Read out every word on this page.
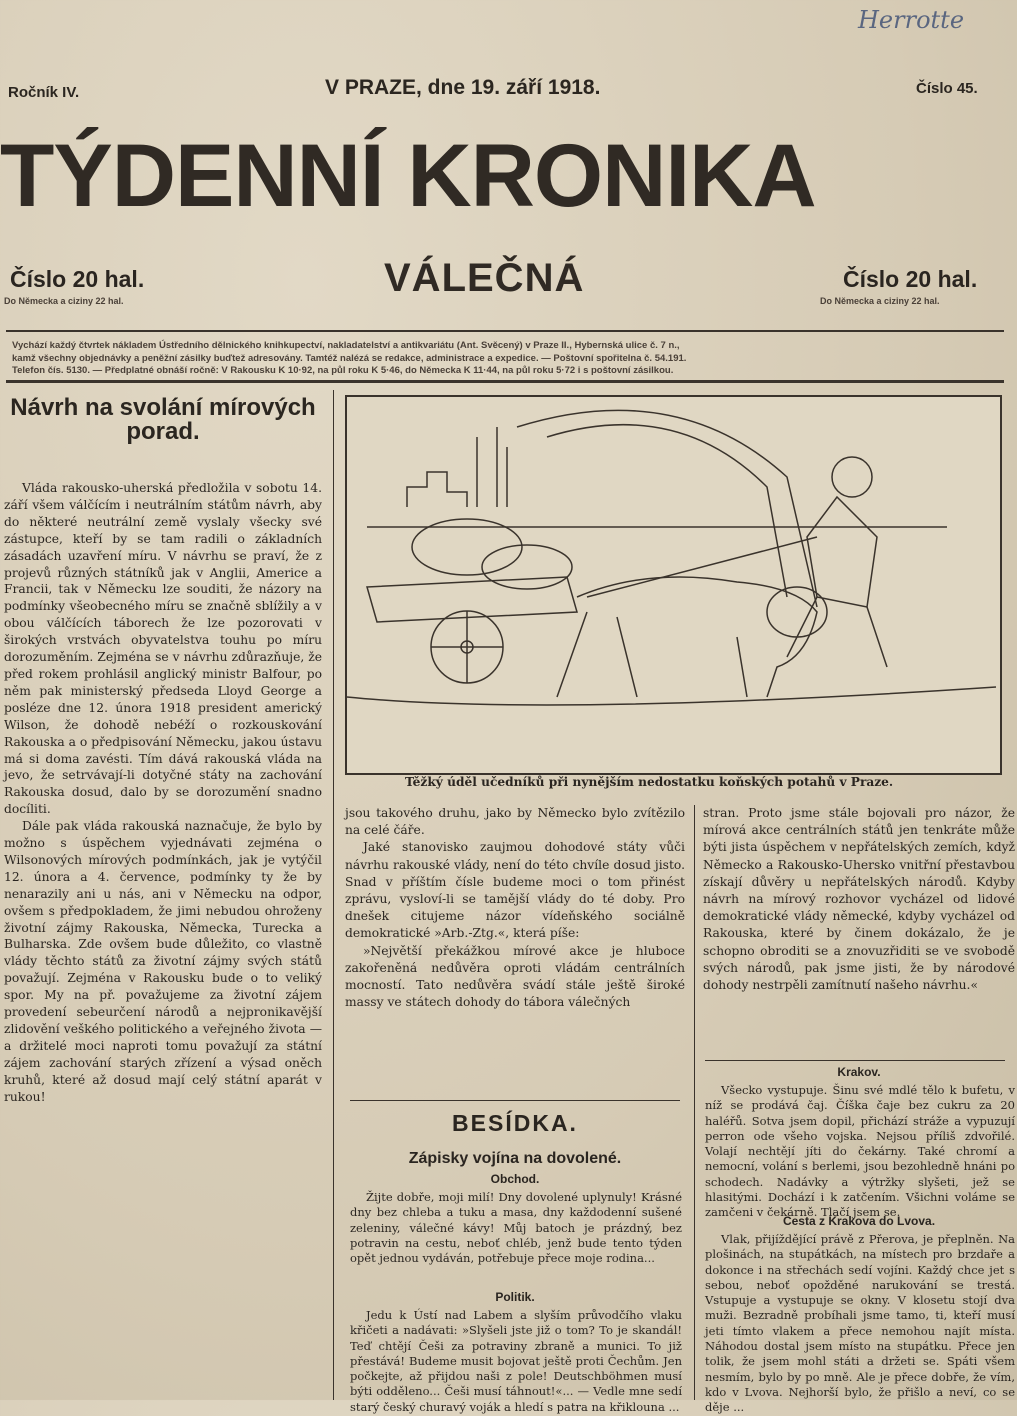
Herrotte
Ročník IV.	V PRAZE, dne 19. září 1918.	Číslo 45.
TÝDENNÍ KRONIKA
VÁLEČNÁ
Číslo 20 hal.
Do Německa a ciziny 22 hal.
Číslo 20 hal.
Do Německa a ciziny 22 hal.
Vychází každý čtvrtek nákladem Ústředního dělnického knihkupectví, nakladatelství a antikvariátu (Ant. Svěcený) v Praze II., Hybernská ulice č. 7 n.,
kamž všechny objednávky a peněžní zásilky buďtež adresovány. Tamtéž nalézá se redakce, administrace a expedice. — Poštovní spořitelna č. 54.191.
Telefon čís. 5130. — Předplatné obnáší ročně: V Rakousku K 10·92, na půl roku K 5·46, do Německa K 11·44, na půl roku 5·72 i s poštovní zásilkou.
Návrh na svolání mírových porad.

Vláda rakousko-uherská předložila v sobotu 14. září všem válčícím i neutrálním státům návrh, aby do některé neutrální země vyslaly všecky své zástupce, kteří by se tam radili o základních zásadách uzavření míru. V návrhu se praví, že z projevů různých státníků jak v Anglii, Americe a Francii, tak v Německu lze souditi, že názory na podmínky všeobecného míru se značně sblížily a v obou válčících táborech že lze pozorovati v širokých vrstvách obyvatelstva touhu po míru dorozuměním. Zejména se v návrhu zdůrazňuje, že před rokem prohlásil anglický ministr Balfour, po něm pak ministerský předseda Lloyd George a posléze dne 12. února 1918 president americký Wilson, že dohodě nebéží o rozkouskování Rakouska a o předpisování Německu, jakou ústavu má si doma zavésti. Tím dává rakouská vláda na jevo, že setrvávají-li dotyčné státy na zachování Rakouska dosud, dalo by se dorozumění snadno docíliti.

Dále pak vláda rakouská naznačuje, že bylo by možno s úspěchem vyjednávati zejména o Wilsonových mírových podmínkách, jak je vytýčil 12. února a 4. července, podmínky ty že by nenarazily ani u nás, ani v Německu na odpor, ovšem s předpokladem, že jimi nebudou ohroženy životní zájmy Rakouska, Německa, Turecka a Bulharska. Zde ovšem bude důležito, co vlastně vlády těchto států za životní zájmy svých států považují. Zejména v Rakousku bude o to veliký spor. My na př. považujeme za životní zájem provedení sebeurčení národů a nejpronikavější zlidovění veškého politického a veřejného života — a držitelé moci naproti tomu považují za státní zájem zachování starých zřízení a výsad oněch kruhů, které až dosud mají celý státní aparát v rukou!

Těžký úděl učedníků při nynějším nedostatku koňských potahů v Praze.

jsou takového druhu, jako by Německo bylo zvítězilo na celé čáře.

Jaké stanovisko zaujmou dohodové státy vůči návrhu rakouské vlády, není do této chvíle dosud jisto. Snad v příštím čísle budeme moci o tom přinést zprávu, vysloví-li se tamější vlády do té doby. Pro dnešek citujeme názor vídeňského sociálně demokratické »Arb.-Ztg.«, která píše:

»Největší překážkou mírové akce je hluboce zakořeněná nedůvěra oproti vládám centrálních mocností. Tato nedůvěra svádí stále ještě široké massy ve státech dohody do tábora válečných

stran. Proto jsme stále bojovali pro názor, že mírová akce centrálních států jen tenkráte může býti jista úspěchem v nepřátelských zemích, když Německo a Rakousko-Uhersko vnitřní přestavbou získají důvěry u nepřátelských národů. Kdyby návrh na mírový rozhovor vycházel od lidové demokratické vlády německé, kdyby vycházel od Rakouska, které by činem dokázalo, že je schopno obroditi se a znovuzřiditi se ve svobodě svých národů, pak jsme jisti, že by národové dohody nestrpěli zamítnutí našeho návrhu.«

BESÍDKA.
Zápisky vojína na dovolené.
Obchod.

Žijte dobře, moji milí! Dny dovolené uplynuly! Krásné dny bez chleba a tuku a masa, dny každodenní sušené zeleniny, válečné kávy! Můj batoch je prázdný, bez potravin na cestu, neboť chléb, jenž bude tento týden opět jednou vydáván, potřebuje přece moje rodina...

Politik.

Jedu k Ústí nad Labem a slyším průvodčího vlaku křičeti a nadávati: »Slyšeli jste již o tom? To je skandál! Teď chtějí Češi za potraviny zbraně a munici. To již přestává! Budeme musit bojovat ještě proti Čechům. Jen počkejte, až přijdou naši z pole! Deutschböhmen musí býti odděleno... Češi musí táhnout!«... — Vedle mne sedí starý český churavý voják a hledí s patra na křiklouna ...

Krakov.

Všecko vystupuje. Šinu své mdlé tělo k bufetu, v níž se prodává čaj. Číška čaje bez cukru za 20 haléřů. Sotva jsem dopil, přichází stráže a vypuzují perron ode všeho vojska. Nejsou příliš zdvořilé. Volají nechtějí jíti do čekárny. Také chromí a nemocní, volání s berlemi, jsou bezohledně hnáni po schodech. Nadávky a výtržky slyšeti, jež se hlasitými. Dochází i k zatčením. Všichni voláme se zamčeni v čekárně. Tlačí jsem se.

Cesta z Krakova do Lvova.

Vlak, přijíždějící právě z Přerova, je přeplněn. Na plošinách, na stupátkách, na místech pro brzdaře a dokonce i na střechách sedí vojíni. Každý chce jet s sebou, neboť opožděné narukování se trestá. Vstupuje a vystupuje se okny. V klosetu stojí dva muži. Bezradně probíhali jsme tamo, ti, kteří musí jeti tímto vlakem a přece nemohou najít místa. Náhodou dostal jsem místo na stupátku. Přece jen tolik, že jsem mohl státi a držeti se. Spáti všem nesmím, bylo by po mně. Ale je přece dobře, že vím, kdo v Lvova. Nejhorší bylo, že přišlo a neví, co se děje ...
